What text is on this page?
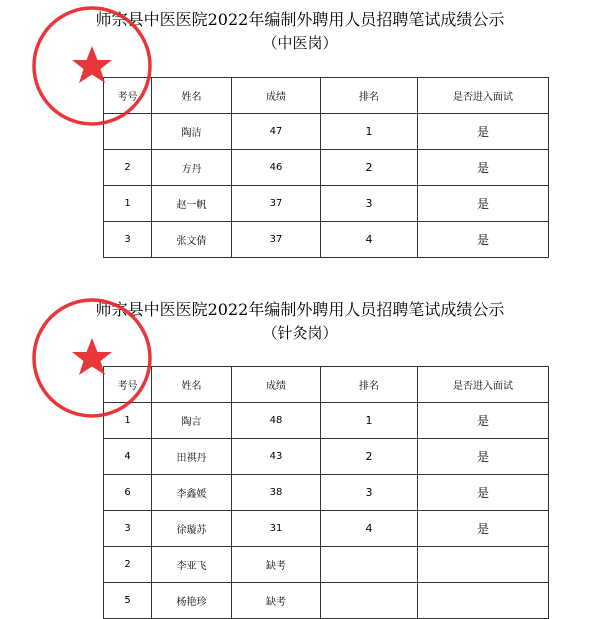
师宗县中医医院2022年编制外聘用人员招聘笔试成绩公示
（中医岗）
考号	姓名	成绩	排名	是否进入面试
	陶洁	47	1	是
2	方丹	46	2	是
1	赵一帆	37	3	是
3	张文倩	37	4	是
师宗县中医医院2022年编制外聘用人员招聘笔试成绩公示
（针灸岗）
考号	姓名	成绩	排名	是否进入面试
1	陶言	48	1	是
4	田祺丹	43	2	是
6	李鑫媛	38	3	是
3	徐璇苏	31	4	是
2	李亚飞	缺考		
5	杨艳珍	缺考		
